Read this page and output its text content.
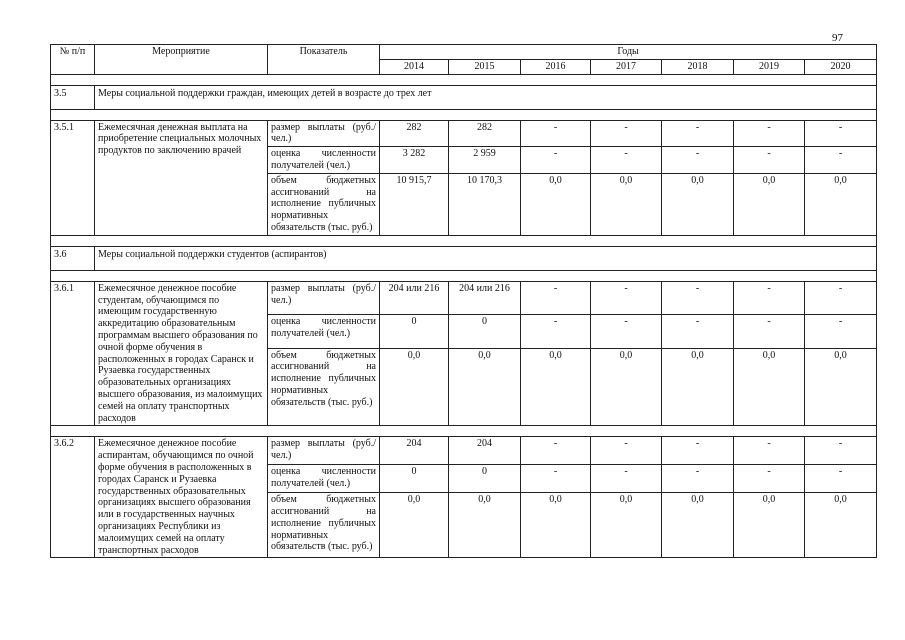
97
№ п/п	Мероприятие	Показатель	Годы						
			2014	2015	2016	2017	2018	2019	2020

3.5	Меры социальной поддержки граждан, имеющих детей в возрасте до трех лет								

3.5.1	Ежемесячная денежная выплата на приобретение специальных молочных продуктов по заключению врачей	размер выплаты (руб./ чел.)	282	282	-	-	-	-	-
		оценка численности получателей (чел.)	3 282	2 959	-	-	-	-	-
		объем бюджетных ассигнований на исполнение публичных нормативных обязательств (тыс. руб.)	10 915,7	10 170,3	0,0	0,0	0,0	0,0	0,0

3.6	Меры социальной поддержки студентов (аспирантов)								

3.6.1	Ежемесячное денежное пособие студентам, обучающимся по имеющим государственную аккредитацию образовательным программам высшего образования по очной форме обучения в расположенных в городах Саранск и Рузаевка государственных образовательных организациях высшего образования, из малоимущих семей на оплату транспортных расходов	размер выплаты (руб./ чел.)	204 или 216	204 или 216	-	-	-	-	-
		оценка численности получателей (чел.)	0	0	-	-	-	-	-
		объем бюджетных ассигнований на исполнение публичных нормативных обязательств (тыс. руб.)	0,0	0,0	0,0	0,0	0,0	0,0	0,0

3.6.2	Ежемесячное денежное пособие аспирантам, обучающимся по очной форме обучения в расположенных в городах Саранск и Рузаевка государственных образовательных организациях высшего образования или в государственных научных организациях Республики из малоимущих семей на оплату транспортных расходов	размер выплаты (руб./ чел.)	204	204	-	-	-	-	-
		оценка численности получателей (чел.)	0	0	-	-	-	-	-
		объем бюджетных ассигнований на исполнение публичных нормативных обязательств (тыс. руб.)	0,0	0,0	0,0	0,0	0,0	0,0	0,0
